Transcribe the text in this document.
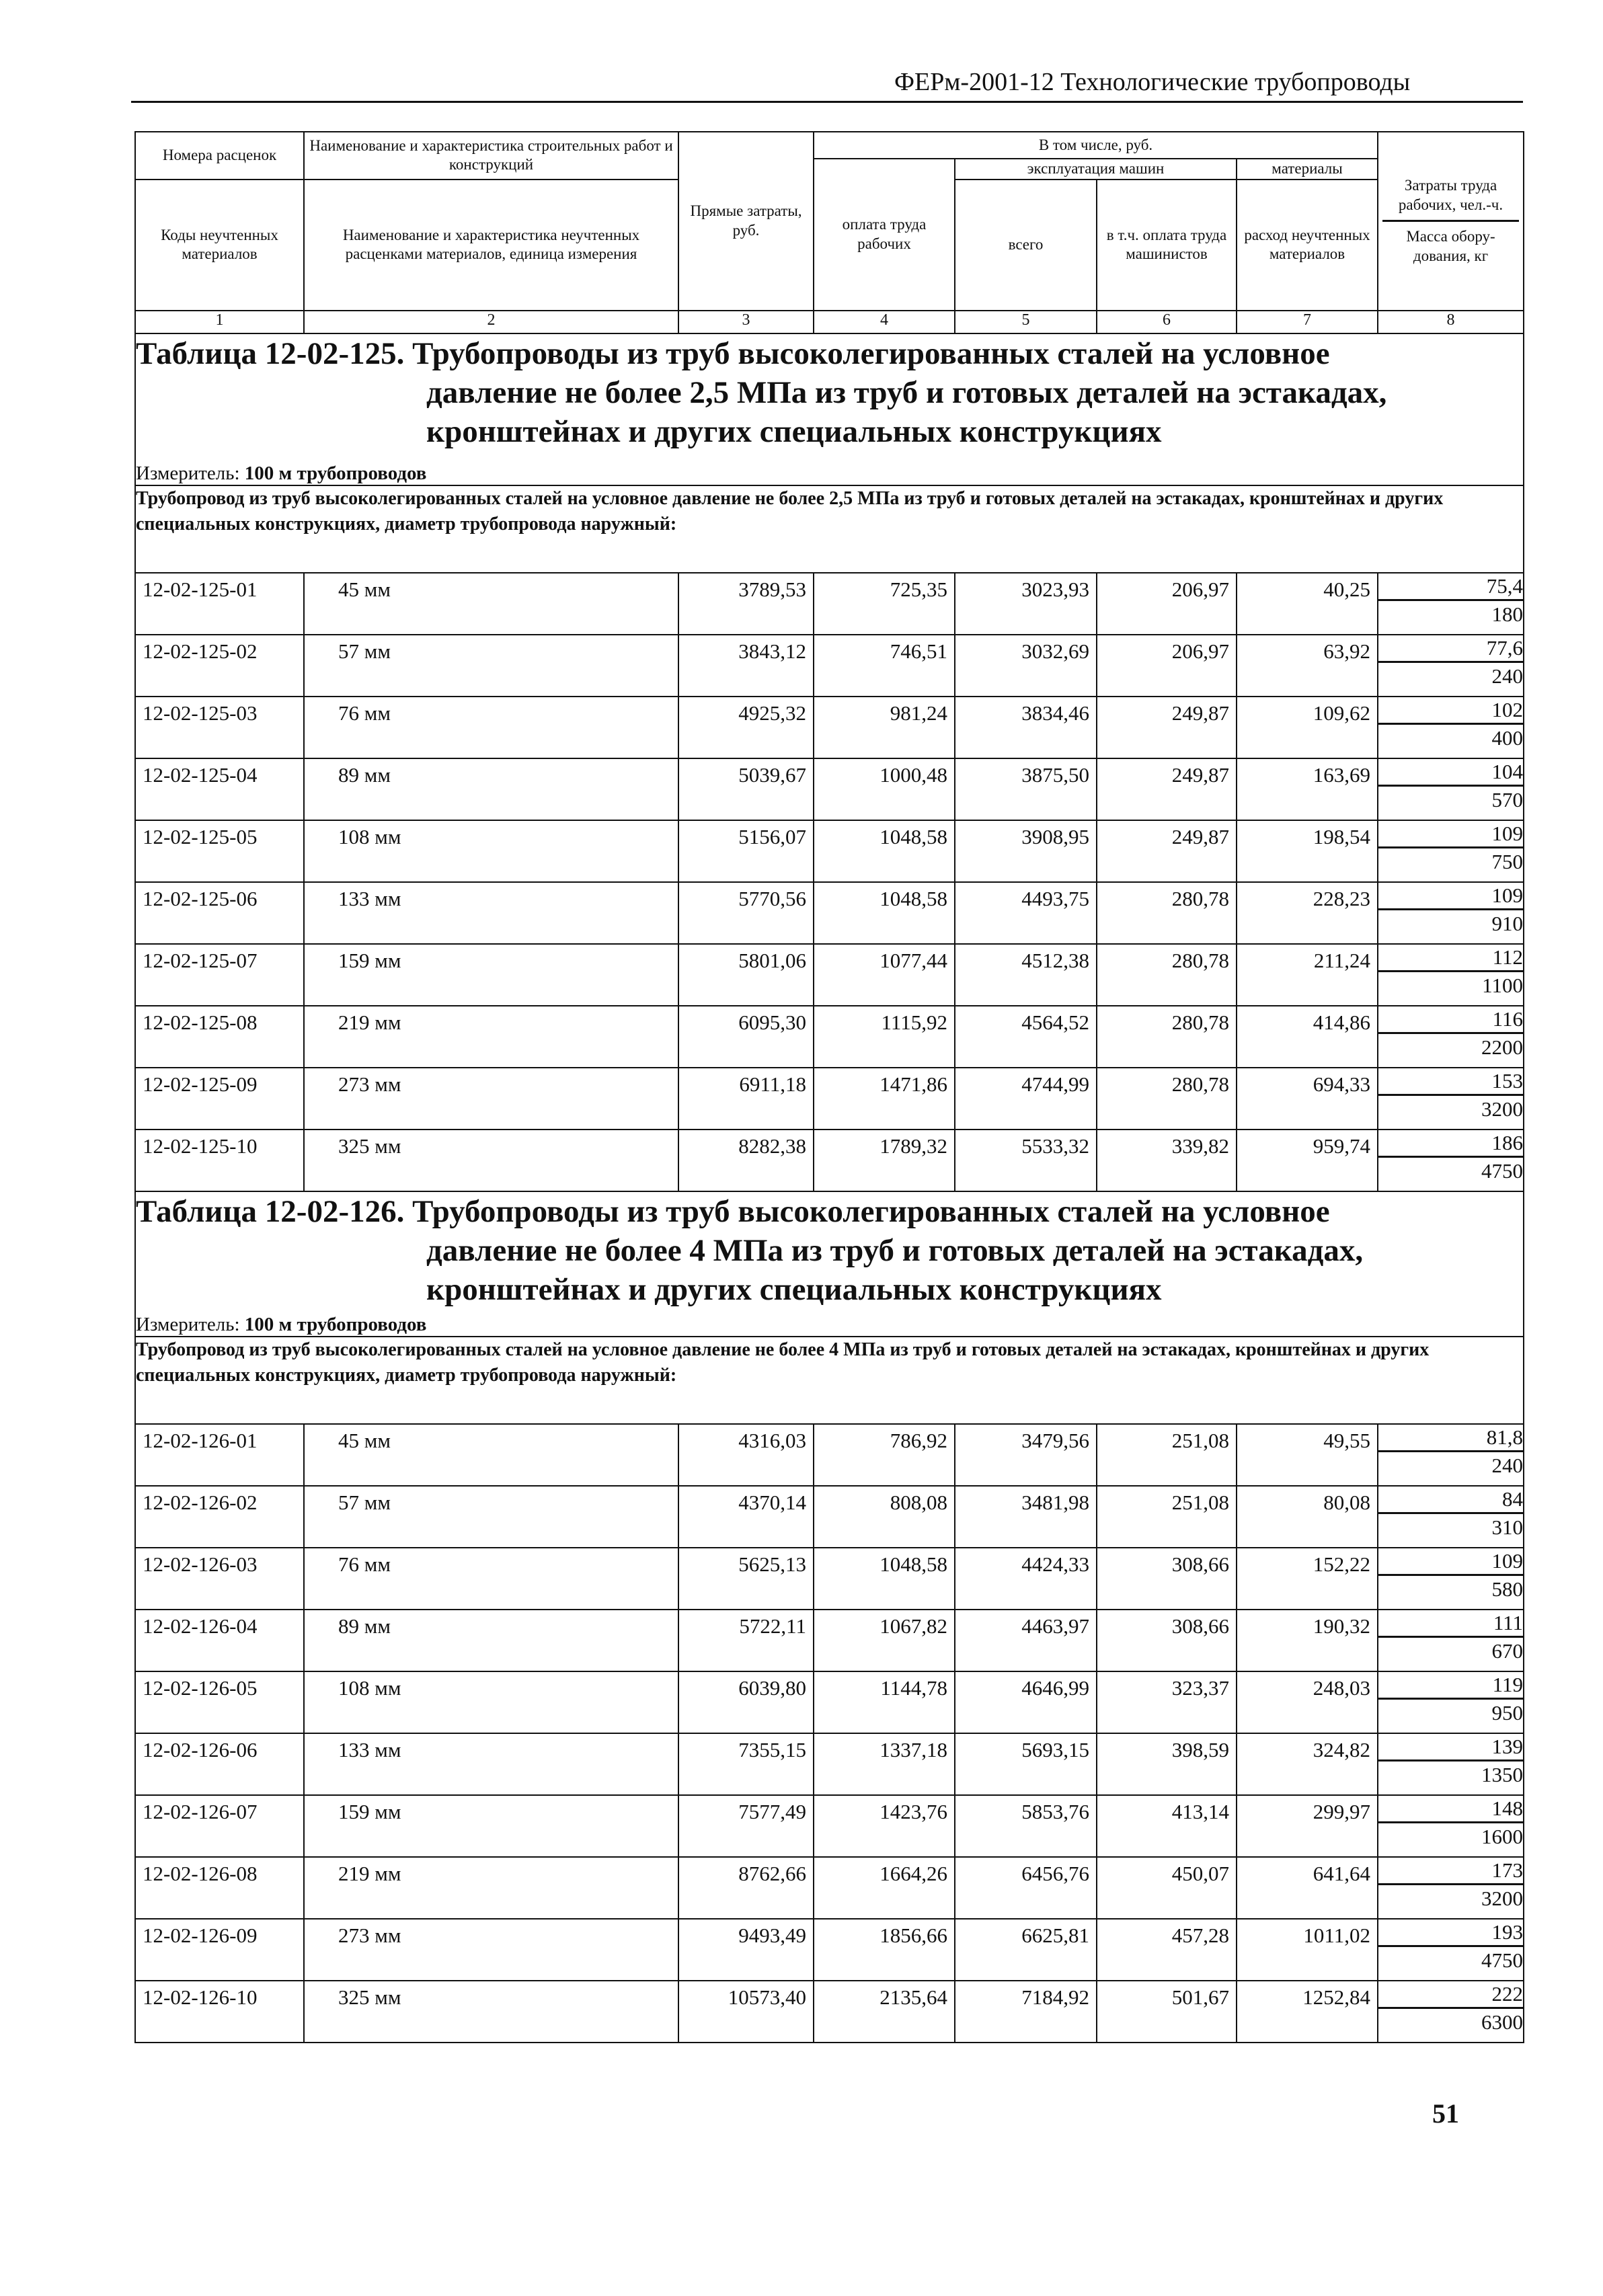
ФЕРм-2001-12 Технологические трубопроводы
Номера расценок	Наименование и характеристика строительных работ и конструкций	Прямые затраты, руб.	В том числе, руб.				Затраты труда рабочих, чел.-ч.
Масса обору-дования, кг

			оплата труда рабочих	эксплуатация машин		материалы	
Коды неучтенных материалов	Наименование и характеристика неучтенных расценками материалов, единица измерения			всего	в т.ч. оплата труда машинистов	расход неучтенных материалов	
1	2	3	4	5	6	7	8

Таблица 12-02-125. Трубопроводы из труб высоколегированных сталей на условное
давление не более 2,5 МПа из труб и готовых деталей на эстакадах,
кронштейнах и других специальных конструкциях							

Измеритель: 100 м трубопроводов							
Трубопровод из труб высоколегированных сталей на условное давление не более 2,5 МПа из труб и готовых деталей на эстакадах, кронштейнах и других специальных конструкциях, диаметр трубопровода наружный:							
12-02-125-01	45 мм	3789,53	725,35	3023,93	206,97	40,25	75,4
180

12-02-125-02	57 мм	3843,12	746,51	3032,69	206,97	63,92	77,6
240

12-02-125-03	76 мм	4925,32	981,24	3834,46	249,87	109,62	102
400

12-02-125-04	89 мм	5039,67	1000,48	3875,50	249,87	163,69	104
570

12-02-125-05	108 мм	5156,07	1048,58	3908,95	249,87	198,54	109
750

12-02-125-06	133 мм	5770,56	1048,58	4493,75	280,78	228,23	109
910

12-02-125-07	159 мм	5801,06	1077,44	4512,38	280,78	211,24	112
1100

12-02-125-08	219 мм	6095,30	1115,92	4564,52	280,78	414,86	116
2200

12-02-125-09	273 мм	6911,18	1471,86	4744,99	280,78	694,33	153
3200

12-02-125-10	325 мм	8282,38	1789,32	5533,32	339,82	959,74	186
4750

Таблица 12-02-126. Трубопроводы из труб высоколегированных сталей на условное
давление не более 4 МПа из труб и готовых деталей на эстакадах,
кронштейнах и других специальных конструкциях							

Измеритель: 100 м трубопроводов							
Трубопровод из труб высоколегированных сталей на условное давление не более 4 МПа из труб и готовых деталей на эстакадах, кронштейнах и других специальных конструкциях, диаметр трубопровода наружный:							
12-02-126-01	45 мм	4316,03	786,92	3479,56	251,08	49,55	81,8
240

12-02-126-02	57 мм	4370,14	808,08	3481,98	251,08	80,08	84
310

12-02-126-03	76 мм	5625,13	1048,58	4424,33	308,66	152,22	109
580

12-02-126-04	89 мм	5722,11	1067,82	4463,97	308,66	190,32	111
670

12-02-126-05	108 мм	6039,80	1144,78	4646,99	323,37	248,03	119
950

12-02-126-06	133 мм	7355,15	1337,18	5693,15	398,59	324,82	139
1350

12-02-126-07	159 мм	7577,49	1423,76	5853,76	413,14	299,97	148
1600

12-02-126-08	219 мм	8762,66	1664,26	6456,76	450,07	641,64	173
3200

12-02-126-09	273 мм	9493,49	1856,66	6625,81	457,28	1011,02	193
4750

12-02-126-10	325 мм	10573,40	2135,64	7184,92	501,67	1252,84	222
6300
51
